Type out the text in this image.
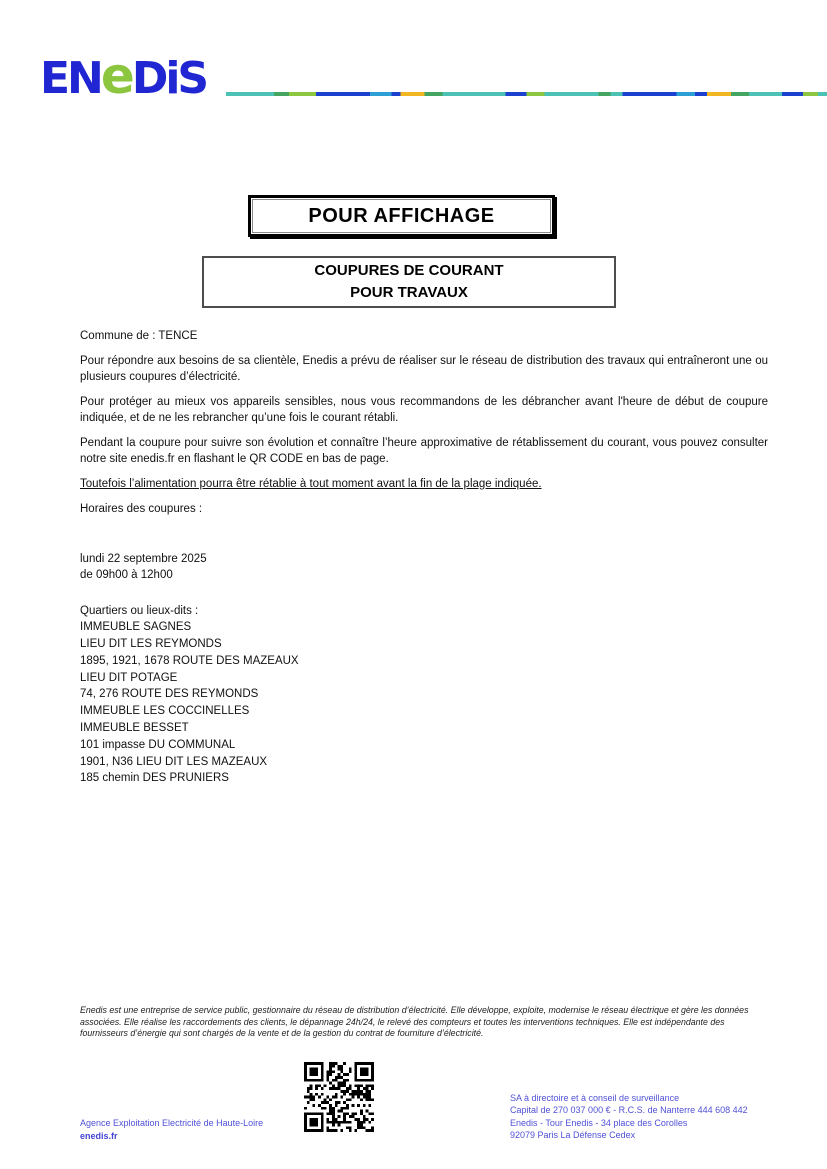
ENeDiS
POUR AFFICHAGE
COUPURES DE COURANT
POUR TRAVAUX
Commune de : TENCE

Pour répondre aux besoins de sa clientèle, Enedis a prévu de réaliser sur le réseau de distribution des travaux qui entraîneront une ou plusieurs coupures d’électricité.

Pour protéger au mieux vos appareils sensibles, nous vous recommandons de les débrancher avant l'heure de début de coupure indiquée, et de ne les rebrancher qu’une fois le courant rétabli.

Pendant la coupure pour suivre son évolution et connaître l’heure approximative de rétablissement du courant, vous pouvez consulter notre site enedis.fr en flashant le QR CODE en bas de page.

Toutefois l’alimentation pourra être rétablie à tout moment avant la fin de la plage indiquée.
Horaires des coupures :
lundi 22 septembre 2025
de 09h00 à 12h00
Quartiers ou lieux-dits :
IMMEUBLE SAGNES
LIEU DIT LES REYMONDS
1895, 1921, 1678 ROUTE DES MAZEAUX
LIEU DIT POTAGE
74, 276 ROUTE DES REYMONDS
IMMEUBLE LES COCCINELLES
IMMEUBLE BESSET
101 impasse DU COMMUNAL
1901, N36 LIEU DIT LES MAZEAUX
185 chemin DES PRUNIERS
Enedis est une entreprise de service public, gestionnaire du réseau de distribution d’électricité. Elle développe, exploite, modernise le réseau électrique et gère les données associées. Elle réalise les raccordements des clients, le dépannage 24h/24, le relevé des compteurs et toutes les interventions techniques. Elle est indépendante des fournisseurs d’énergie qui sont chargés de la vente et de la gestion du contrat de fourniture d’électricité.
Agence Exploitation Electricité de Haute-Loire
enedis.fr
SA à directoire et à conseil de surveillance
Capital de 270 037 000 € - R.C.S. de Nanterre 444 608 442
Enedis - Tour Enedis - 34 place des Corolles
92079 Paris La Défense Cedex
